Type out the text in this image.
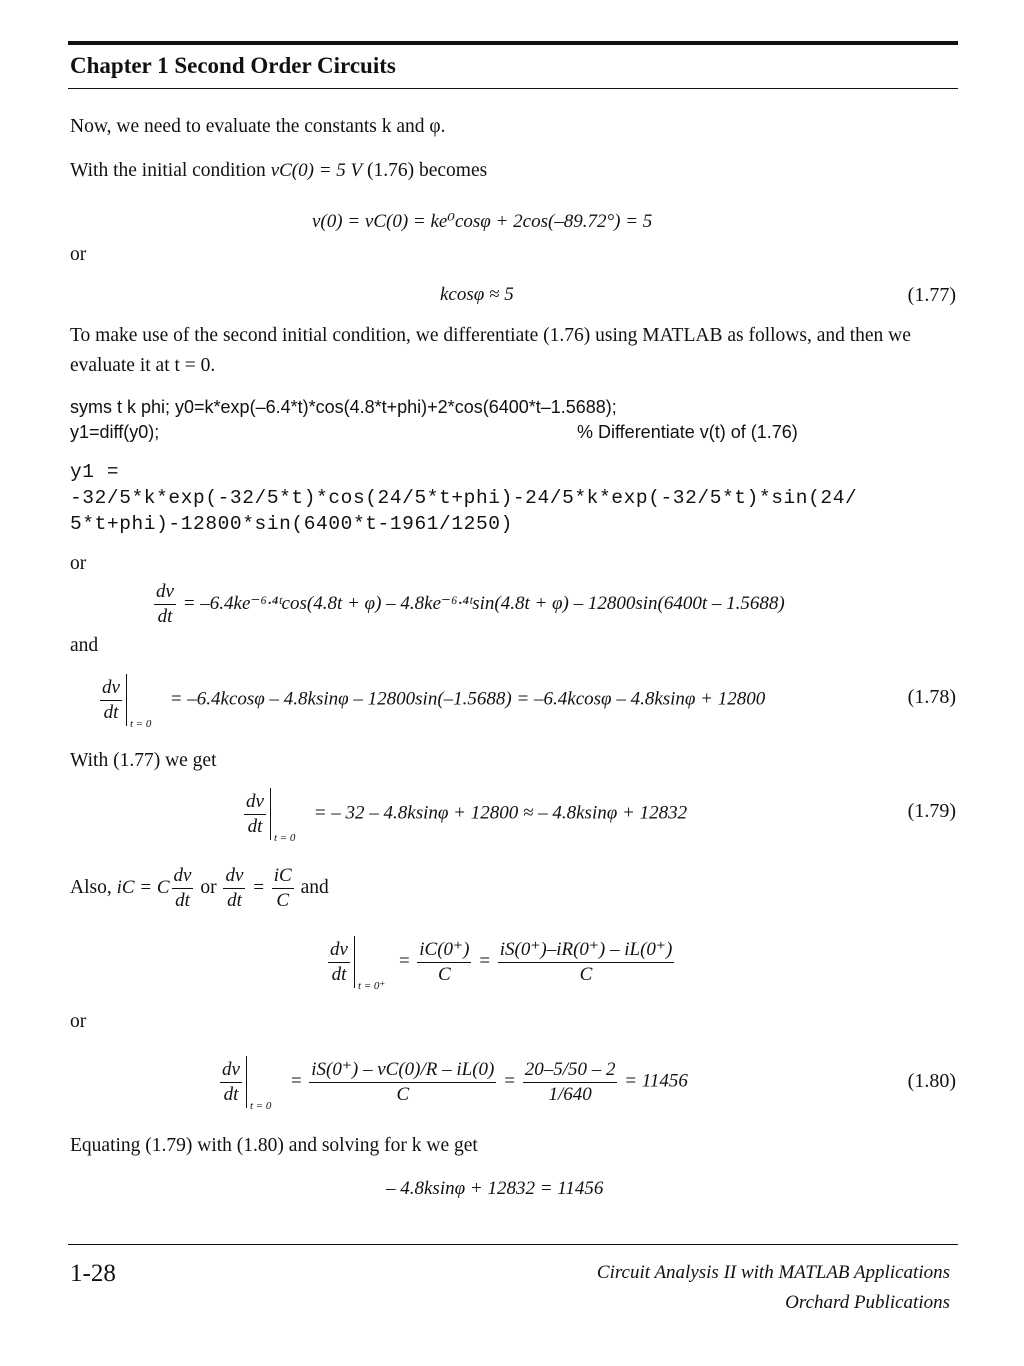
Chapter 1 Second Order Circuits
Now, we need to evaluate the constants k and φ.
With the initial condition vC(0) = 5 V (1.76) becomes
v(0) = vC(0) = ke⁰cosφ + 2cos(–89.72°) = 5
or
kcosφ ≈ 5	(1.77)
To make use of the second initial condition, we differentiate (1.76) using MATLAB as follows, and then we evaluate it at t = 0.
syms t k phi; y0=k*exp(–6.4*t)*cos(4.8*t+phi)+2*cos(6400*t–1.5688);
y1=diff(y0);	% Differentiate v(t) of (1.76)
y1 =
-32/5*k*exp(-32/5*t)*cos(24/5*t+phi)-24/5*k*exp(-32/5*t)*sin(24/
5*t+phi)-12800*sin(6400*t-1961/1250)
or
$\frac{dv}{dt}$ = –6.4ke⁻⁶·⁴ᵗcos(4.8t + φ) – 4.8ke⁻⁶·⁴ᵗsin(4.8t + φ) – 12800sin(6400t – 1.5688)
and
$\frac{dv}{dt}$ t = 0
= –6.4kcosφ – 4.8ksinφ – 12800sin(–1.5688) = –6.4kcosφ – 4.8ksinφ + 12800	(1.78)
With (1.77) we get
$\frac{dv}{dt}$ t = 0
= – 32 – 4.8ksinφ + 12800 ≈ – 4.8ksinφ + 12832	(1.79)
Also, iC = C $\frac{dv}{dt}$ or $\frac{dv}{dt} = \frac{iC}{C}$ and
$\frac{dv}{dt}$ t = 0⁺
= $\frac{iC(0^+)}{C} = \frac{iS(0^+)-iR(0^+) - iL(0^+)}{C}$
or
$\frac{dv}{dt}$ t = 0
= $\frac{iS(0^+) - vC(0)/R - iL(0)}{C} = \frac{20-5/50 - 2}{1/640} = 11456$	(1.80)
Equating (1.79) with (1.80) and solving for k we get
– 4.8ksinφ + 12832 = 11456
1-28	Circuit Analysis II with MATLAB Applications
Orchard Publications
